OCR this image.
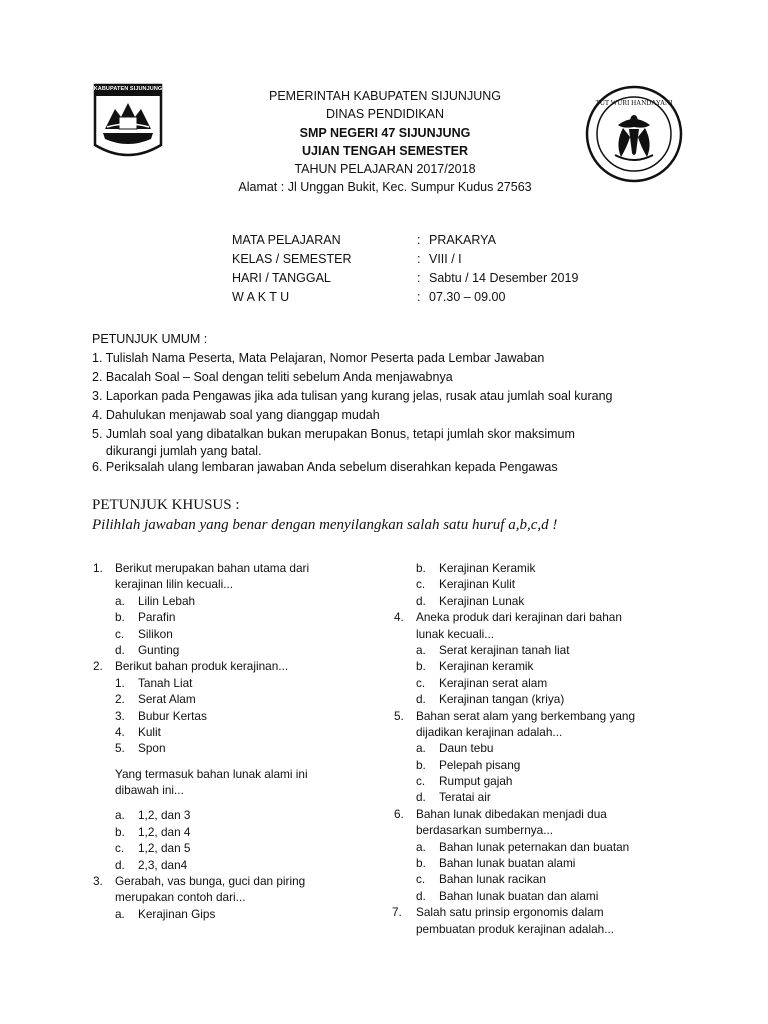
KABUPATEN SIJUNJUNG
TUT WURI HANDAYANI
PEMERINTAH KABUPATEN SIJUNJUNG
DINAS PENDIDIKAN
SMP NEGERI 47 SIJUNJUNG
UJIAN TENGAH SEMESTER
TAHUN PELAJARAN 2017/2018
Alamat : Jl Unggan Bukit, Kec. Sumpur Kudus 27563
MATA PELAJARAN	: PRAKARYA
KELAS / SEMESTER	: VIII / I
HARI / TANGGAL	: Sabtu / 14 Desember 2019
W A K T U	: 07.30 – 09.00
PETUNJUK UMUM :
1. Tulislah Nama Peserta, Mata Pelajaran, Nomor Peserta pada Lembar Jawaban
2. Bacalah Soal – Soal dengan teliti sebelum Anda menjawabnya
3. Laporkan pada Pengawas jika ada tulisan yang kurang jelas, rusak atau jumlah soal kurang
4. Dahulukan menjawab soal yang dianggap mudah
5. Jumlah soal yang dibatalkan bukan merupakan Bonus, tetapi jumlah skor maksimum
dikurangi jumlah yang batal.
6. Periksalah ulang lembaran jawaban Anda sebelum diserahkan kepada Pengawas
PETUNJUK KHUSUS :
Pilihlah jawaban yang benar dengan menyilangkan salah satu huruf a,b,c,d !
1. Berikut merupakan bahan utama dari
kerajinan lilin kecuali...
a. Lilin Lebah
b. Parafin
c. Silikon
d. Gunting
2. Berikut bahan produk kerajinan...
1. Tanah Liat
2. Serat Alam
3. Bubur Kertas
4. Kulit
5. Spon
Yang termasuk bahan lunak alami ini
dibawah ini...
a. 1,2, dan 3
b. 1,2, dan 4
c. 1,2, dan 5
d. 2,3, dan4
3. Gerabah, vas bunga, guci dan piring
merupakan contoh dari...
a. Kerajinan Gips
b. Kerajinan Keramik
c. Kerajinan Kulit
d. Kerajinan Lunak
4. Aneka produk dari kerajinan dari bahan
lunak kecuali...
a. Serat kerajinan tanah liat
b. Kerajinan keramik
c. Kerajinan serat alam
d. Kerajinan tangan (kriya)
5. Bahan serat alam yang berkembang yang
dijadikan kerajinan adalah...
a. Daun tebu
b. Pelepah pisang
c. Rumput gajah
d. Teratai air
6. Bahan lunak dibedakan menjadi dua
berdasarkan sumbernya...
a. Bahan lunak peternakan dan buatan
b. Bahan lunak buatan alami
c. Bahan lunak racikan
d. Bahan lunak buatan dan alami
7. Salah satu prinsip ergonomis dalam
pembuatan produk kerajinan adalah...
